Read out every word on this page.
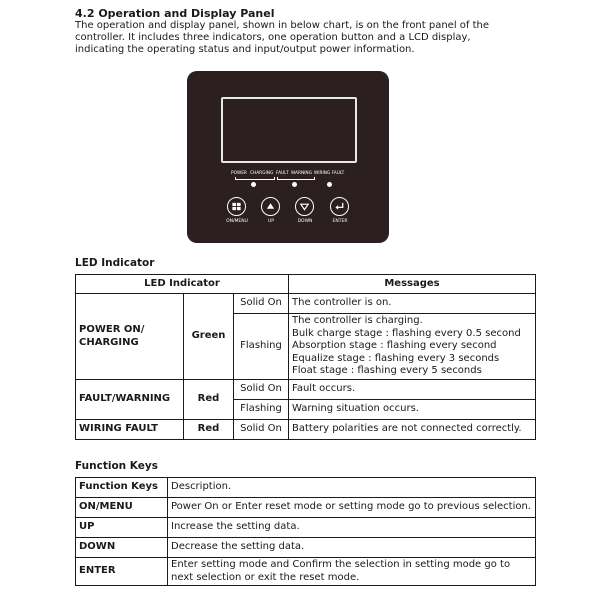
4.2 Operation and Display Panel
The operation and display panel, shown in below chart, is on the front panel of the controller. It includes three indicators, one operation button and a LCD display, indicating the operating status and input/output power information.
POWER CHARGING FAULT WARNING WIRING FAULT
ON/MENU	UP	DOWN	ENTER
LED Indicator
LED Indicator			Messages
POWER ON/
CHARGING	Green	Solid On	The controller is on.
		Flashing	The controller is charging.
Bulk charge stage : flashing every 0.5 second
Absorption stage : flashing every second
Equalize stage : flashing every 3 seconds
Float stage : flashing every 5 seconds
FAULT/WARNING	Red	Solid On	Fault occurs.
		Flashing	Warning situation occurs.
WIRING FAULT	Red	Solid On	Battery polarities are not connected correctly.
Function Keys
Function Keys	Description.
ON/MENU	Power On or Enter reset mode or setting mode go to previous selection.
UP	Increase the setting data.
DOWN	Decrease the setting data.
ENTER	Enter setting mode and Confirm the selection in setting mode go to next selection or exit the reset mode.
